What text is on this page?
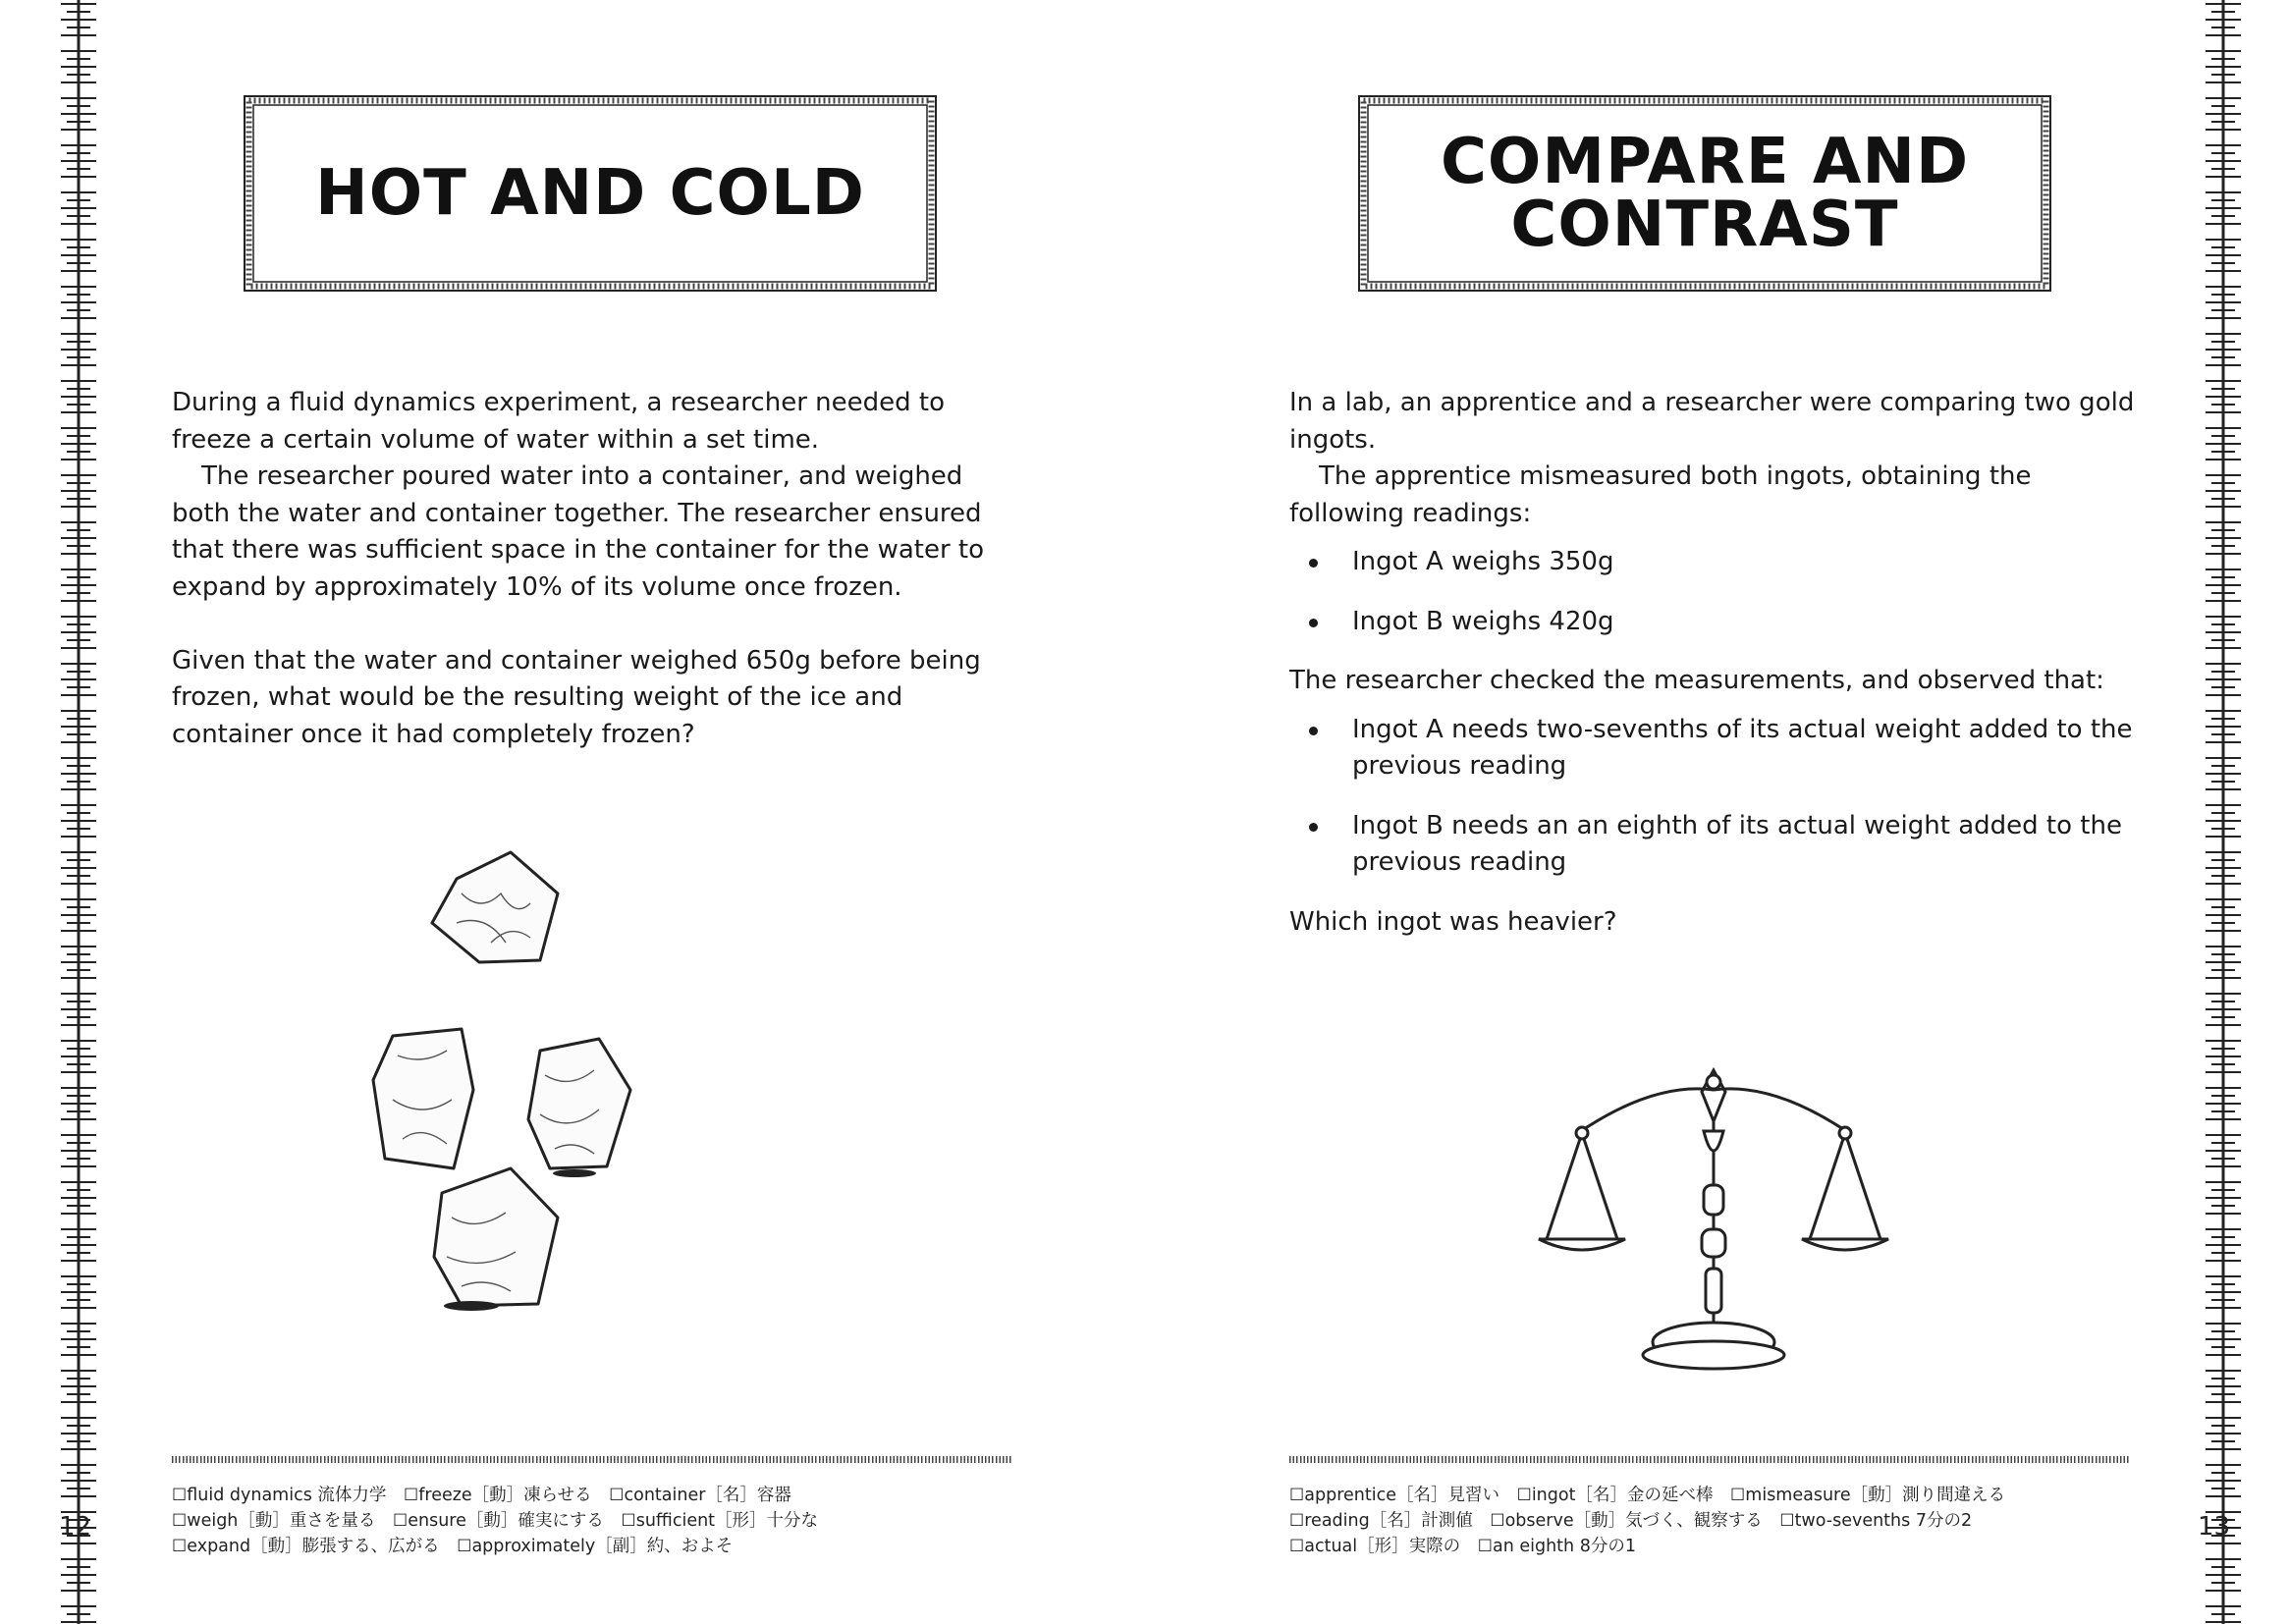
HOT AND COLD

During a fluid dynamics experiment, a researcher needed to freeze a certain volume of water within a set time.

The researcher poured water into a container, and weighed both the water and container together. The researcher ensured that there was sufficient space in the container for the water to expand by approximately 10% of its volume once frozen.

Given that the water and container weighed 650g before being frozen, what would be the resulting weight of the ice and container once it had completely frozen?

☐fluid dynamics 流体力学 ☐freeze［動］凍らせる ☐container［名］容器 ☐weigh［動］重さを量る ☐ensure［動］確実にする ☐sufficient［形］十分な ☐expand［動］膨張する、広がる ☐approximately［副］約、およそ
12
COMPARE AND
CONTRAST

In a lab, an apprentice and a researcher were comparing two gold ingots.

The apprentice mismeasured both ingots, obtaining the following readings:

Ingot A weighs 350g
Ingot B weighs 420g

The researcher checked the measurements, and observed that:

Ingot A needs two-sevenths of its actual weight added to the previous reading
Ingot B needs an an eighth of its actual weight added to the previous reading

Which ingot was heavier?

☐apprentice［名］見習い ☐ingot［名］金の延べ棒 ☐mismeasure［動］測り間違える ☐reading［名］計測値 ☐observe［動］気づく、観察する ☐two-sevenths 7分の2 ☐actual［形］実際の ☐an eighth 8分の1
13
